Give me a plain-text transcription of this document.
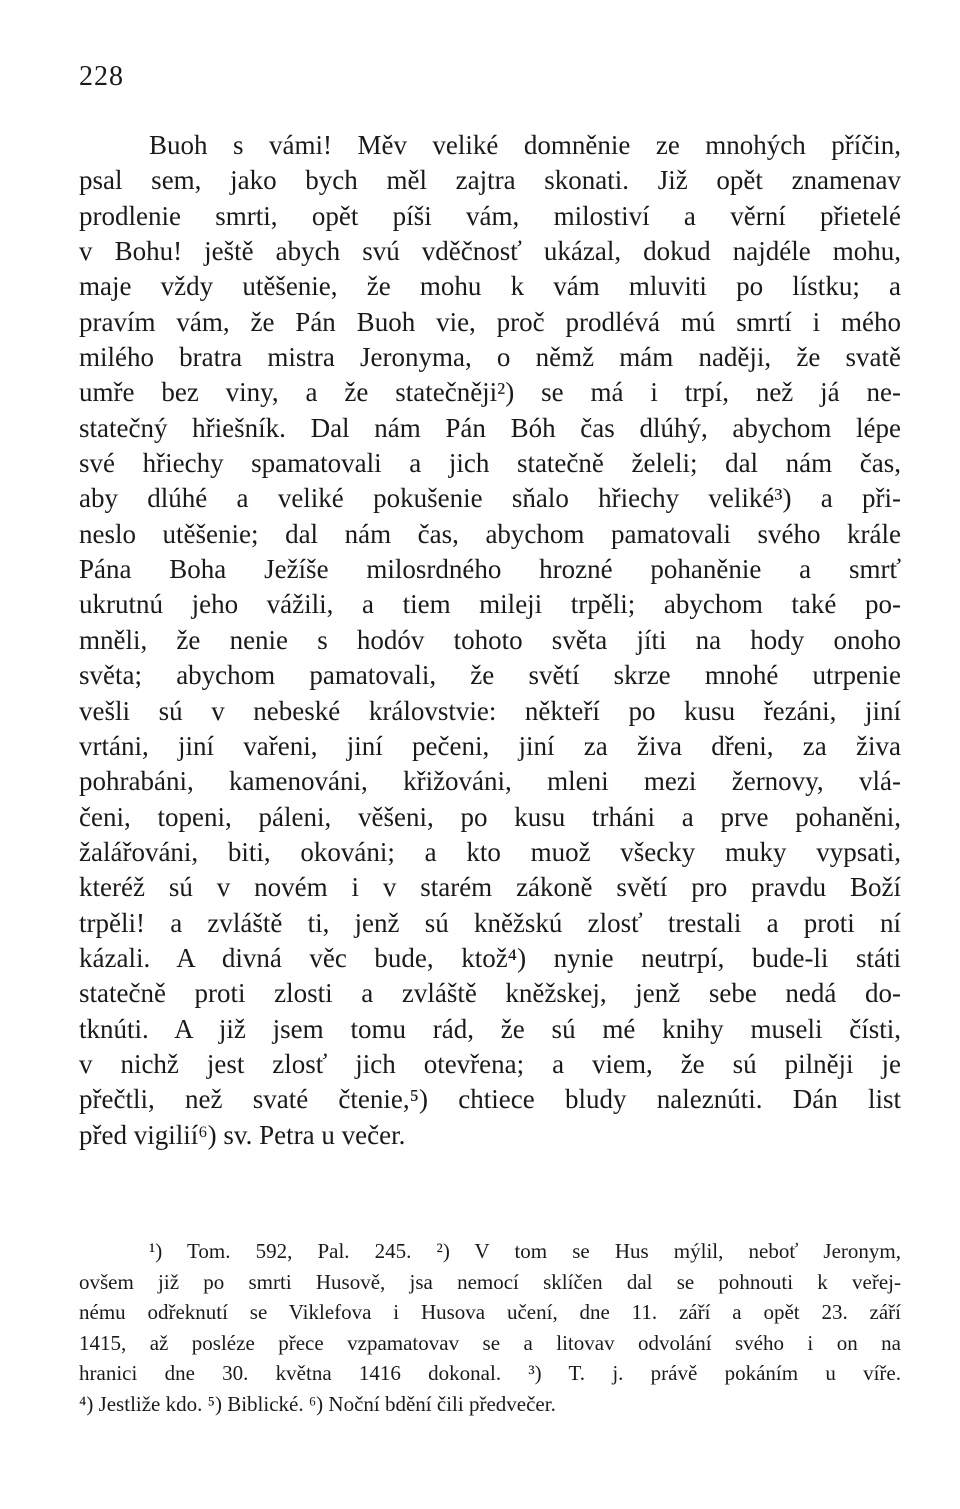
228
Buoh s vámi! Měv veliké domněnie ze mnohých příčin,
psal sem, jako bych měl zajtra skonati. Již opět znamenav
prodlenie smrti, opět píši vám, milostiví a věrní přietelé
v Bohu! ještě abych svú vděčnosť ukázal, dokud najdéle mohu,
maje vždy utěšenie, že mohu k vám mluviti po lístku; a
pravím vám, že Pán Buoh vie, proč prodlévá mú smrtí i mého
milého bratra mistra Jeronyma, o němž mám naději, že svatě
umře bez viny, a že statečněji²) se má i trpí, než já ne-
statečný hřiešník. Dal nám Pán Bóh čas dlúhý, abychom lépe
své hřiechy spamatovali a jich statečně želeli; dal nám čas,
aby dlúhé a veliké pokušenie sňalo hřiechy veliké³) a při-
neslo utěšenie; dal nám čas, abychom pamatovali svého krále
Pána Boha Ježíše milosrdného hrozné pohaněnie a smrť
ukrutnú jeho vážili, a tiem mileji trpěli; abychom také po-
mněli, že nenie s hodóv tohoto světa jíti na hody onoho
světa; abychom pamatovali, že světí skrze mnohé utrpenie
vešli sú v nebeské královstvie: někteří po kusu řezáni, jiní
vrtáni, jiní vařeni, jiní pečeni, jiní za živa dřeni, za živa
pohrabáni, kamenováni, křižováni, mleni mezi žernovy, vlá-
čeni, topeni, páleni, věšeni, po kusu trháni a prve pohaněni,
žalářováni, biti, okováni; a kto muož všecky muky vypsati,
kteréž sú v novém i v starém zákoně světí pro pravdu Boží
trpěli! a zvláště ti, jenž sú kněžskú zlosť trestali a proti ní
kázali. A divná věc bude, ktož⁴) nynie neutrpí, bude-li státi
statečně proti zlosti a zvláště kněžskej, jenž sebe nedá do-
tknúti. A již jsem tomu rád, že sú mé knihy museli čísti,
v nichž jest zlosť jich otevřena; a viem, že sú pilněji je
přečtli, než svaté čtenie,⁵) chtiece bludy naleznúti. Dán list
před vigilií⁶) sv. Petra u večer.
¹) Tom. 592, Pal. 245. ²) V tom se Hus mýlil, neboť Jeronym,
ovšem již po smrti Husově, jsa nemocí sklíčen dal se pohnouti k veřej-
nému odřeknutí se Viklefova i Husova učení, dne 11. září a opět 23. září
1415, až posléze přece vzpamatovav se a litovav odvolání svého i on na
hranici dne 30. května 1416 dokonal. ³) T. j. právě pokáním u víře.
⁴) Jestliže kdo. ⁵) Biblické. ⁶) Noční bdění čili předvečer.
